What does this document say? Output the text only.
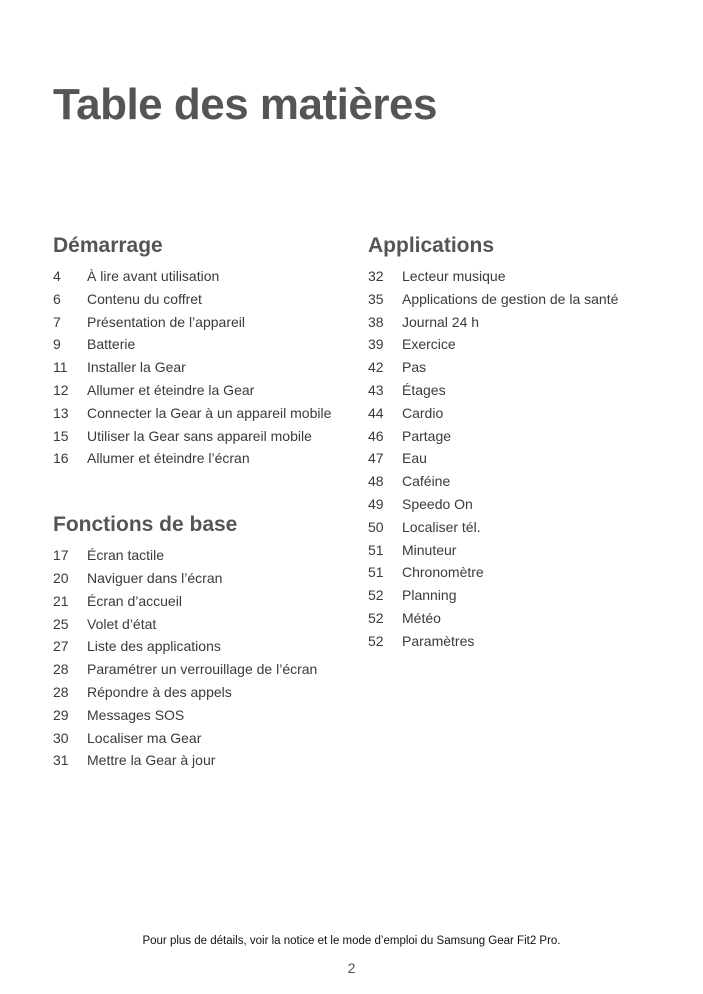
Table des matières
Démarrage
4	À lire avant utilisation
6	Contenu du coffret
7	Présentation de l’appareil
9	Batterie
11	Installer la Gear
12	Allumer et éteindre la Gear
13	Connecter la Gear à un appareil mobile
15	Utiliser la Gear sans appareil mobile
16	Allumer et éteindre l’écran
Fonctions de base
17	Écran tactile
20	Naviguer dans l’écran
21	Écran d’accueil
25	Volet d’état
27	Liste des applications
28	Paramétrer un verrouillage de l’écran
28	Répondre à des appels
29	Messages SOS
30	Localiser ma Gear
31	Mettre la Gear à jour
Applications
32	Lecteur musique
35	Applications de gestion de la santé
38	Journal 24 h
39	Exercice
42	Pas
43	Étages
44	Cardio
46	Partage
47	Eau
48	Caféine
49	Speedo On
50	Localiser tél.
51	Minuteur
51	Chronomètre
52	Planning
52	Météo
52	Paramètres
Pour plus de détails, voir la notice et le mode d’emploi du Samsung Gear Fit2 Pro.
2
